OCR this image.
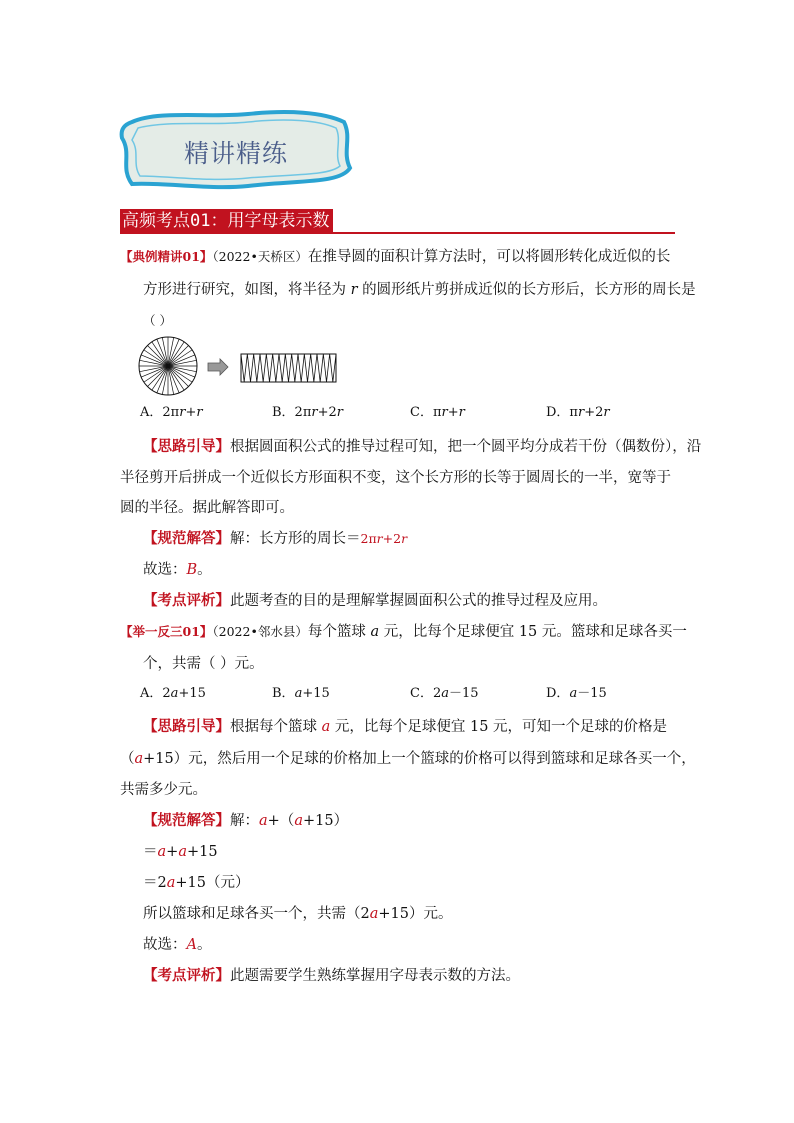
精讲精练
高频考点01：用字母表示数
【典例精讲01】（2022•天桥区）在推导圆的面积计算方法时，可以将圆形转化成近似的长
方形进行研究，如图，将半径为 r 的圆形纸片剪拼成近似的长方形后，长方形的周长是
（ ）
A．2πr+r	B．2πr+2r	C．πr+r	D．πr+2r
【思路引导】根据圆面积公式的推导过程可知，把一个圆平均分成若干份（偶数份），沿
半径剪开后拼成一个近似长方形面积不变，这个长方形的长等于圆周长的一半，宽等于
圆的半径。据此解答即可。
【规范解答】解：长方形的周长＝2πr+2r
故选：B。
【考点评析】此题考查的目的是理解掌握圆面积公式的推导过程及应用。
【举一反三01】（2022•邻水县）每个篮球 a 元，比每个足球便宜 15 元。篮球和足球各买一
个，共需（ ）元。
A．2a+15	B．a+15	C．2a－15	D．a－15
【思路引导】根据每个篮球 a 元，比每个足球便宜 15 元，可知一个足球的价格是
（a+15）元，然后用一个足球的价格加上一个篮球的价格可以得到篮球和足球各买一个，
共需多少元。
【规范解答】解：a+（a+15）
＝a+a+15
＝2a+15（元）
所以篮球和足球各买一个，共需（2a+15）元。
故选：A。
【考点评析】此题需要学生熟练掌握用字母表示数的方法。
